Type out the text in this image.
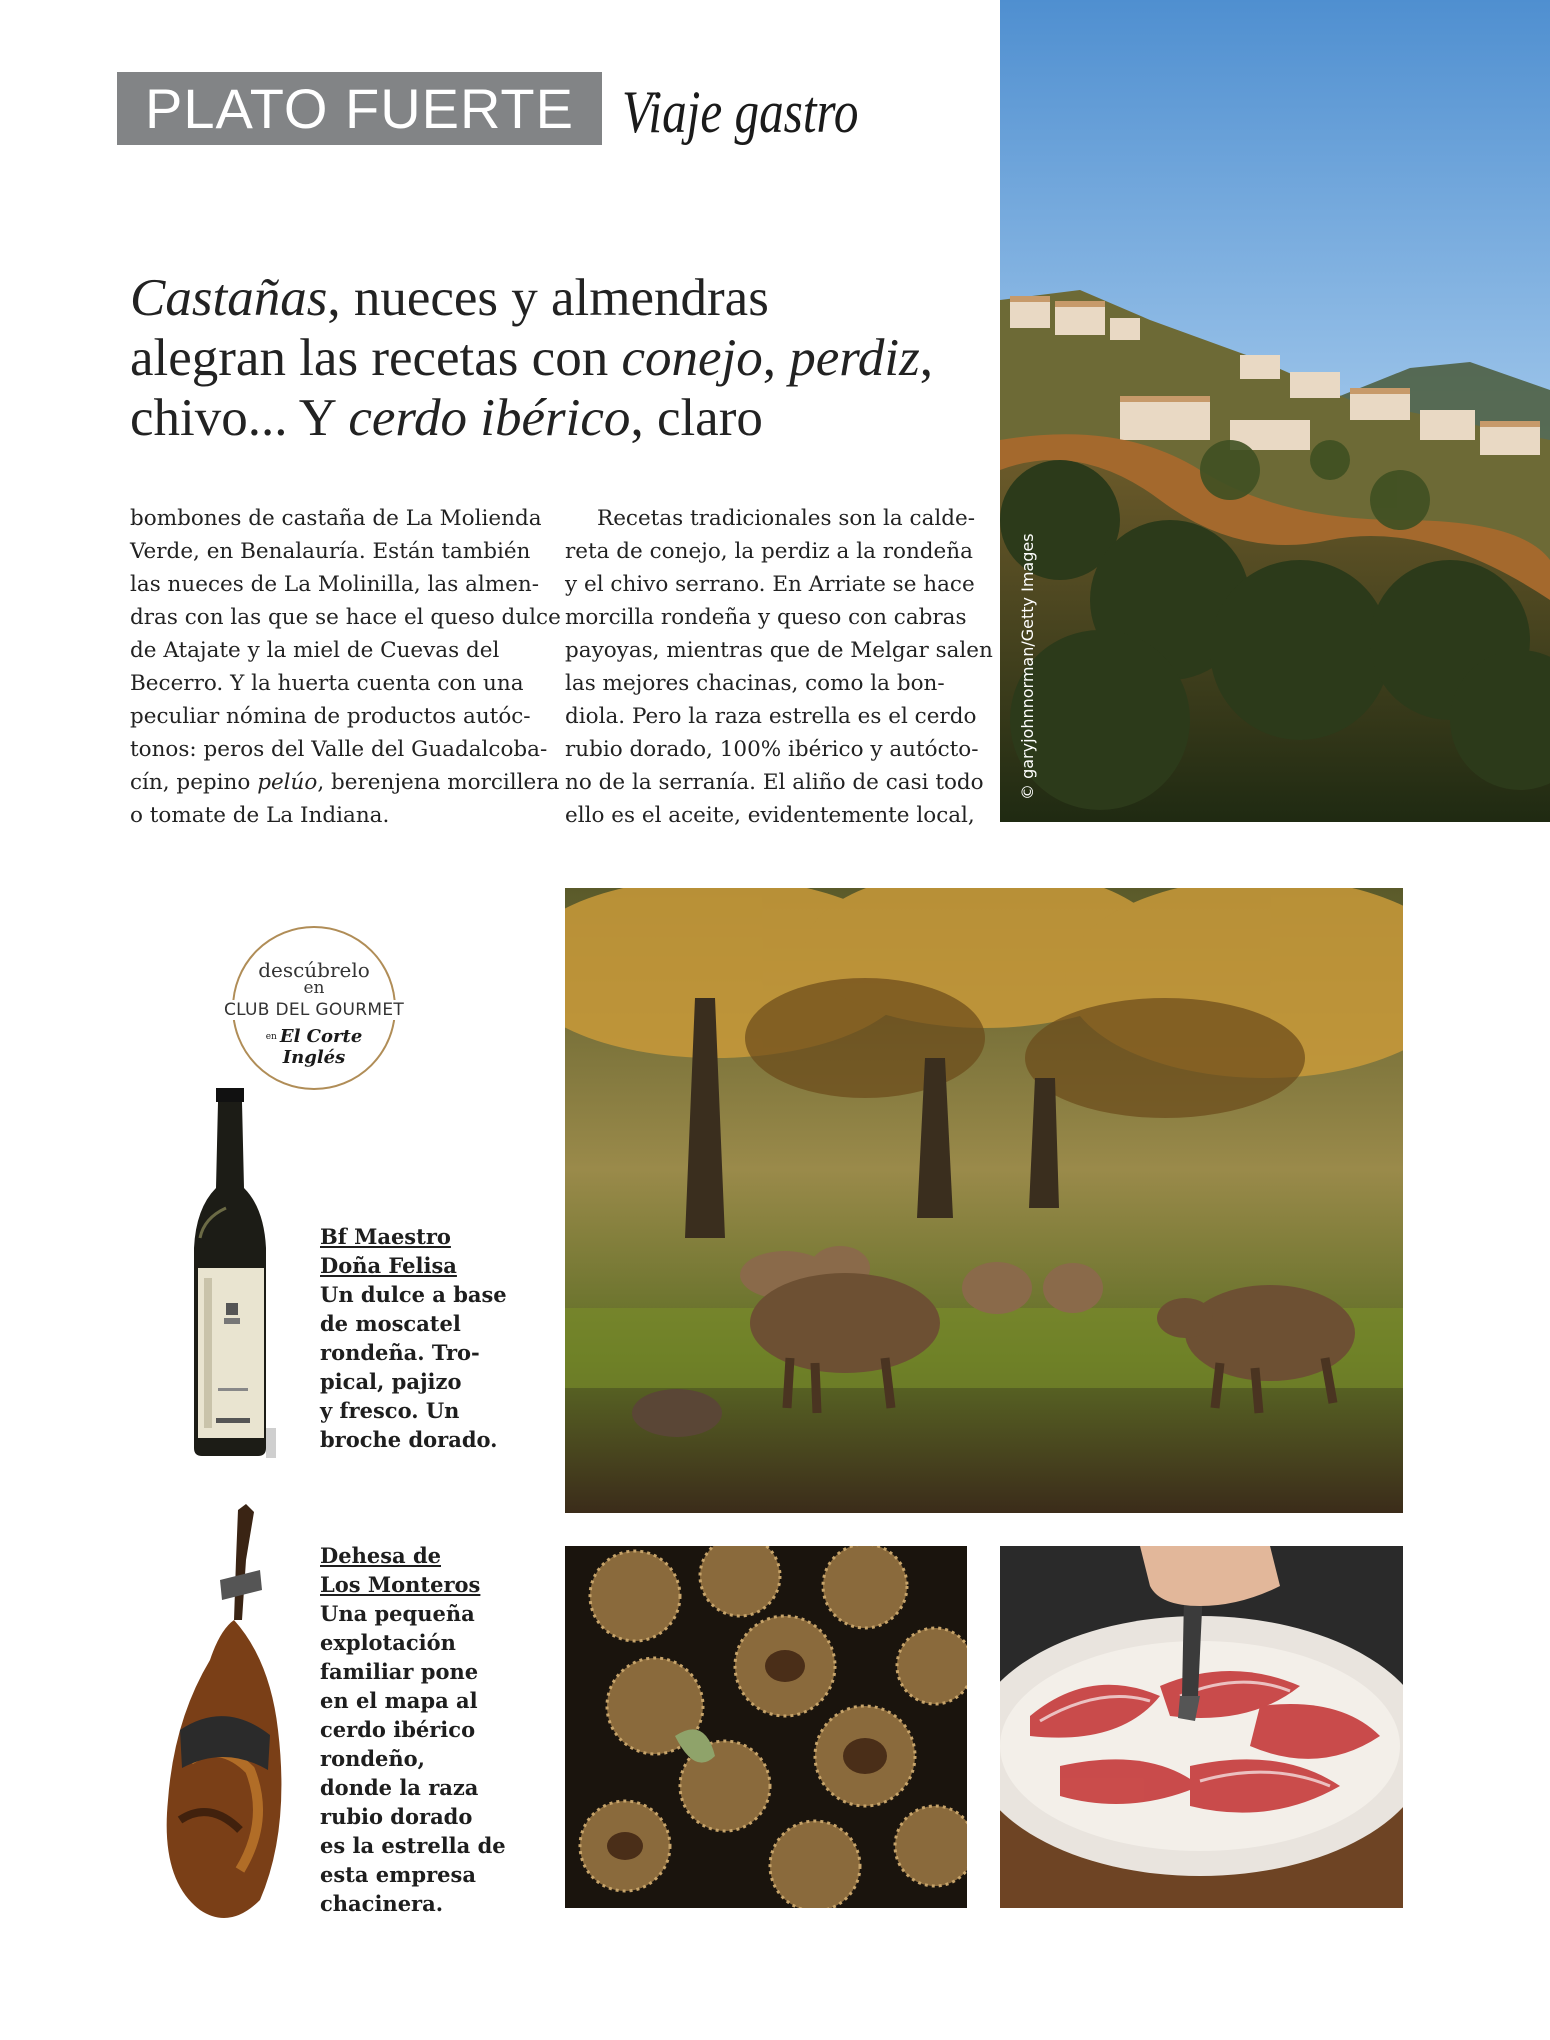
PLATO FUERTE Viaje gastro
Castañas, nueces y almendras
alegran las recetas con conejo, perdiz,
chivo... Y cerdo ibérico, claro

bombones de castaña de La Molienda

Verde, en Benalauría. Están también

las nueces de La Molinilla, las almen-

dras con las que se hace el queso dulce

de Atajate y la miel de Cuevas del

Becerro. Y la huerta cuenta con una

peculiar nómina de productos autóc-

tonos: peros del Valle del Guadalcoba-

cín, pepino pelúo, berenjena morcillera

o tomate de La Indiana.

Recetas tradicionales son la calde-

reta de conejo, la perdiz a la rondeña

y el chivo serrano. En Arriate se hace

morcilla rondeña y queso con cabras

payoyas, mientras que de Melgar salen

las mejores chacinas, como la bon-

diola. Pero la raza estrella es el cerdo

rubio dorado, 100% ibérico y autócto-

no de la serranía. El aliño de casi todo

ello es el aceite, evidentemente local,

© garyjohnnorman/Getty Images
descúbrelo
en
CLUB DEL GOURMET
en El Corte Inglés
Bf Maestro
Doña Felisa
Un dulce a base
de moscatel
rondeña. Tro-
pical, pajizo
y fresco. Un
broche dorado.
Dehesa de
Los Monteros
Una pequeña
explotación
familiar pone
en el mapa al
cerdo ibérico
rondeño,
donde la raza
rubio dorado
es la estrella de
esta empresa
chacinera.
